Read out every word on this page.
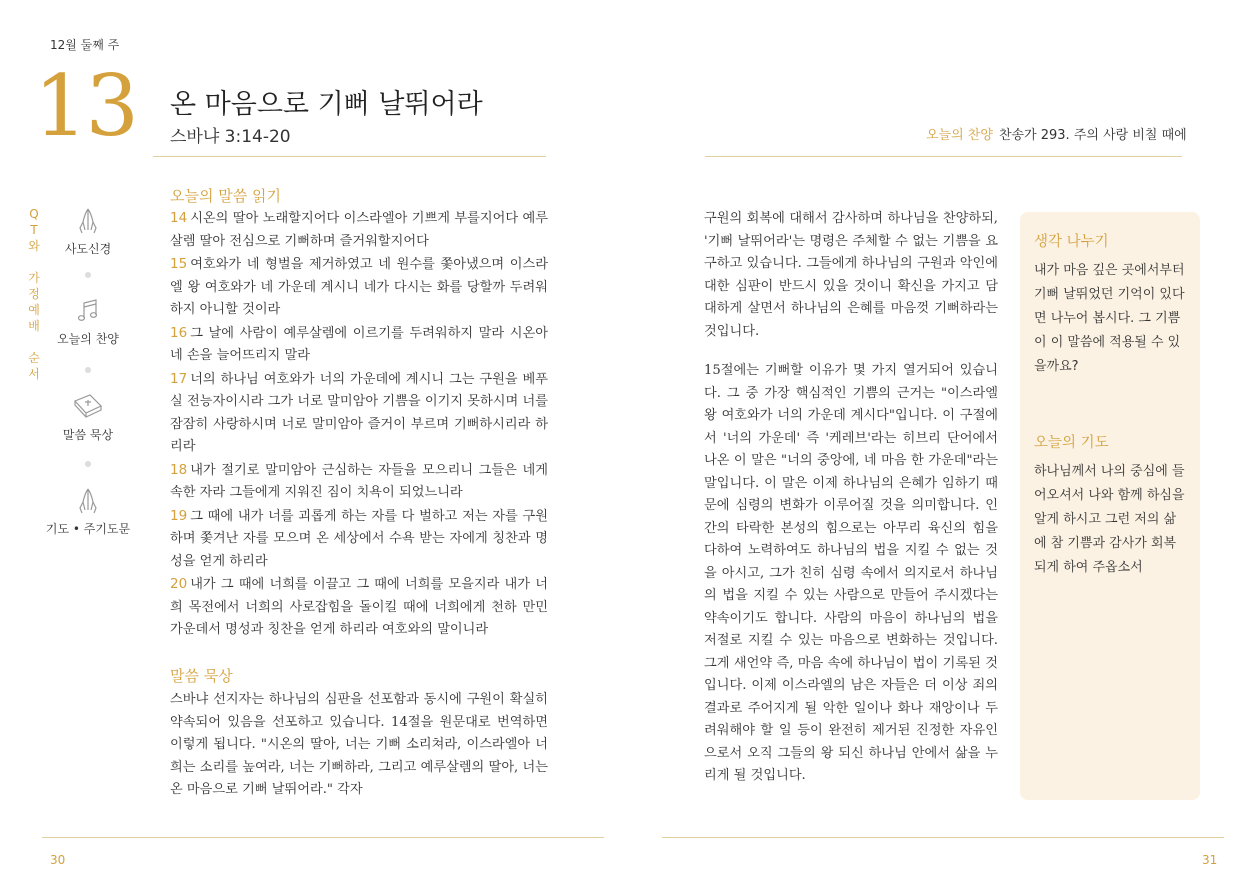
12월 둘째 주
13 온 마음으로 기뻐 날뛰어라
스바냐 3:14-20
Q
T
와
가
정
예
배
순
서
사도신경
오늘의 찬양
말씀 묵상
기도 • 주기도문
오늘의 말씀 읽기
14 시온의 딸아 노래할지어다 이스라엘아 기쁘게 부를지어다 예루살렘 딸아 전심으로 기뻐하며 즐거워할지어다
15 여호와가 네 형벌을 제거하였고 네 원수를 쫓아냈으며 이스라엘 왕 여호와가 네 가운데 계시니 네가 다시는 화를 당할까 두려워하지 아니할 것이라
16 그 날에 사람이 예루살렘에 이르기를 두려워하지 말라 시온아 네 손을 늘어뜨리지 말라
17 너의 하나님 여호와가 너의 가운데에 계시니 그는 구원을 베푸실 전능자이시라 그가 너로 말미암아 기쁨을 이기지 못하시며 너를 잠잠히 사랑하시며 너로 말미암아 즐거이 부르며 기뻐하시리라 하리라
18 내가 절기로 말미암아 근심하는 자들을 모으리니 그들은 네게 속한 자라 그들에게 지워진 짐이 치욕이 되었느니라
19 그 때에 내가 너를 괴롭게 하는 자를 다 벌하고 저는 자를 구원하며 쫓겨난 자를 모으며 온 세상에서 수욕 받는 자에게 칭찬과 명성을 얻게 하리라
20 내가 그 때에 너희를 이끌고 그 때에 너희를 모을지라 내가 너희 목전에서 너희의 사로잡힘을 돌이킬 때에 너희에게 천하 만민 가운데서 명성과 칭찬을 얻게 하리라 여호와의 말이니라
말씀 묵상

스바냐 선지자는 하나님의 심판을 선포함과 동시에 구원이 확실히 약속되어 있음을 선포하고 있습니다. 14절을 원문대로 번역하면 이렇게 됩니다. "시온의 딸아, 너는 기뻐 소리쳐라, 이스라엘아 너희는 소리를 높여라, 너는 기뻐하라, 그리고 예루살렘의 딸아, 너는 온 마음으로 기뻐 날뛰어라." 각자

오늘의 찬양 찬송가 293. 주의 사랑 비칠 때에

구원의 회복에 대해서 감사하며 하나님을 찬양하되, '기뻐 날뛰어라'는 명령은 주체할 수 없는 기쁨을 요구하고 있습니다. 그들에게 하나님의 구원과 악인에 대한 심판이 반드시 있을 것이니 확신을 가지고 담대하게 살면서 하나님의 은혜를 마음껏 기뻐하라는 것입니다.

15절에는 기뻐할 이유가 몇 가지 열거되어 있습니다. 그 중 가장 핵심적인 기쁨의 근거는 "이스라엘 왕 여호와가 너의 가운데 계시다"입니다. 이 구절에서 '너의 가운데' 즉 '케레브'라는 히브리 단어에서 나온 이 말은 "너의 중앙에, 네 마음 한 가운데"라는 말입니다. 이 말은 이제 하나님의 은혜가 임하기 때문에 심령의 변화가 이루어질 것을 의미합니다. 인간의 타락한 본성의 힘으로는 아무리 육신의 힘을 다하여 노력하여도 하나님의 법을 지킬 수 없는 것을 아시고, 그가 친히 심령 속에서 의지로서 하나님의 법을 지킬 수 있는 사람으로 만들어 주시겠다는 약속이기도 합니다. 사람의 마음이 하나님의 법을 저절로 지킬 수 있는 마음으로 변화하는 것입니다. 그게 새언약 즉, 마음 속에 하나님이 법이 기록된 것입니다. 이제 이스라엘의 남은 자들은 더 이상 죄의 결과로 주어지게 될 악한 일이나 화나 재앙이나 두려워해야 할 일 등이 완전히 제거된 진정한 자유인으로서 오직 그들의 왕 되신 하나님 안에서 삶을 누리게 될 것입니다.

생각 나누기
내가 마음 깊은 곳에서부터 기뻐 날뛰었던 기억이 있다면 나누어 봅시다. 그 기쁨이 이 말씀에 적용될 수 있을까요?
오늘의 기도
하나님께서 나의 중심에 들어오셔서 나와 함께 하심을 알게 하시고 그런 저의 삶에 참 기쁨과 감사가 회복되게 하여 주옵소서
30	31
